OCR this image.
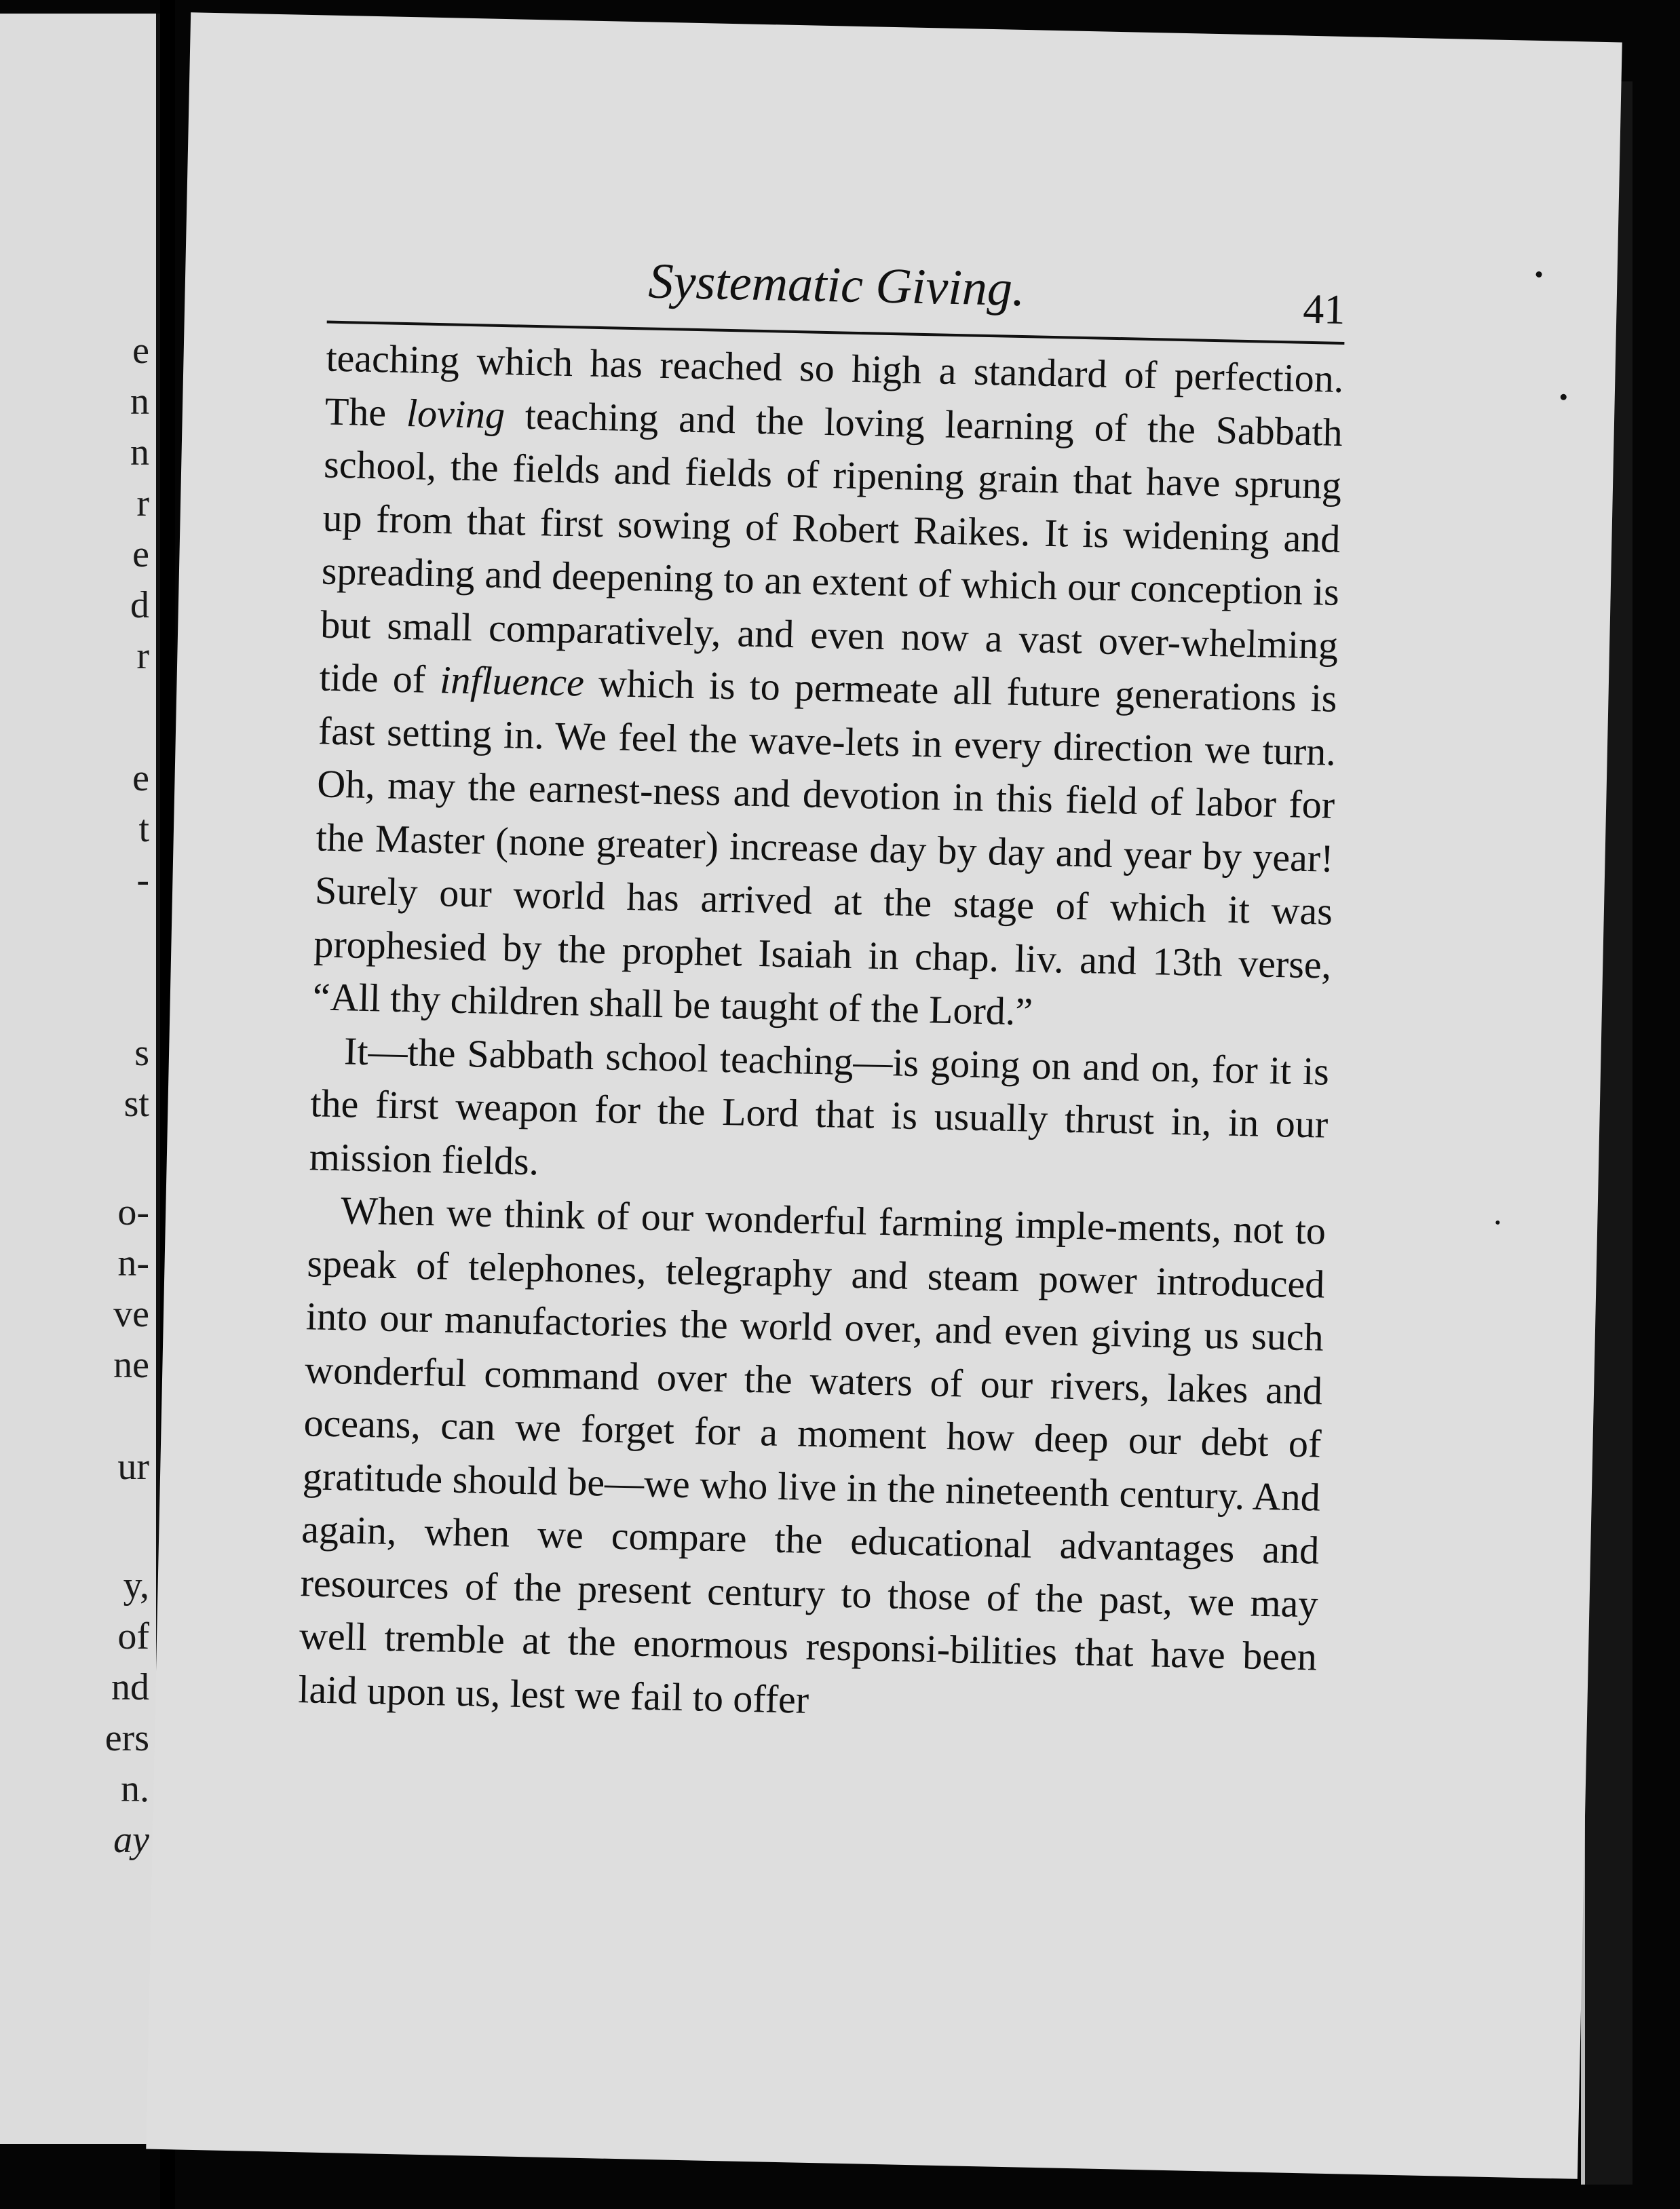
e
n
n
r
e
d
r
e
t
-
s
st
o-
n-
ve
ne
ur
y,
of
nd
ers
n.
ay
Systematic Giving.	41

teaching which has reached so high a standard of perfection. The loving teaching and the loving learning of the Sabbath school, the fields and fields of ripening grain that have sprung up from that first sowing of Robert Raikes. It is widening and spreading and deepening to an extent of which our conception is but small comparatively, and even now a vast over-whelming tide of influence which is to permeate all future generations is fast setting in. We feel the wave-lets in every direction we turn. Oh, may the earnest-ness and devotion in this field of labor for the Master (none greater) increase day by day and year by year! Surely our world has arrived at the stage of which it was prophesied by the prophet Isaiah in chap. liv. and 13th verse, “All thy children shall be taught of the Lord.”

It—the Sabbath school teaching—is going on and on, for it is the first weapon for the Lord that is usually thrust in, in our mission fields.

When we think of our wonderful farming imple-ments, not to speak of telephones, telegraphy and steam power introduced into our manufactories the world over, and even giving us such wonderful command over the waters of our rivers, lakes and oceans, can we forget for a moment how deep our debt of gratitude should be—we who live in the nineteenth century. And again, when we compare the educational advantages and resources of the present century to those of the past, we may well tremble at the enormous responsi-bilities that have been laid upon us, lest we fail to offer
